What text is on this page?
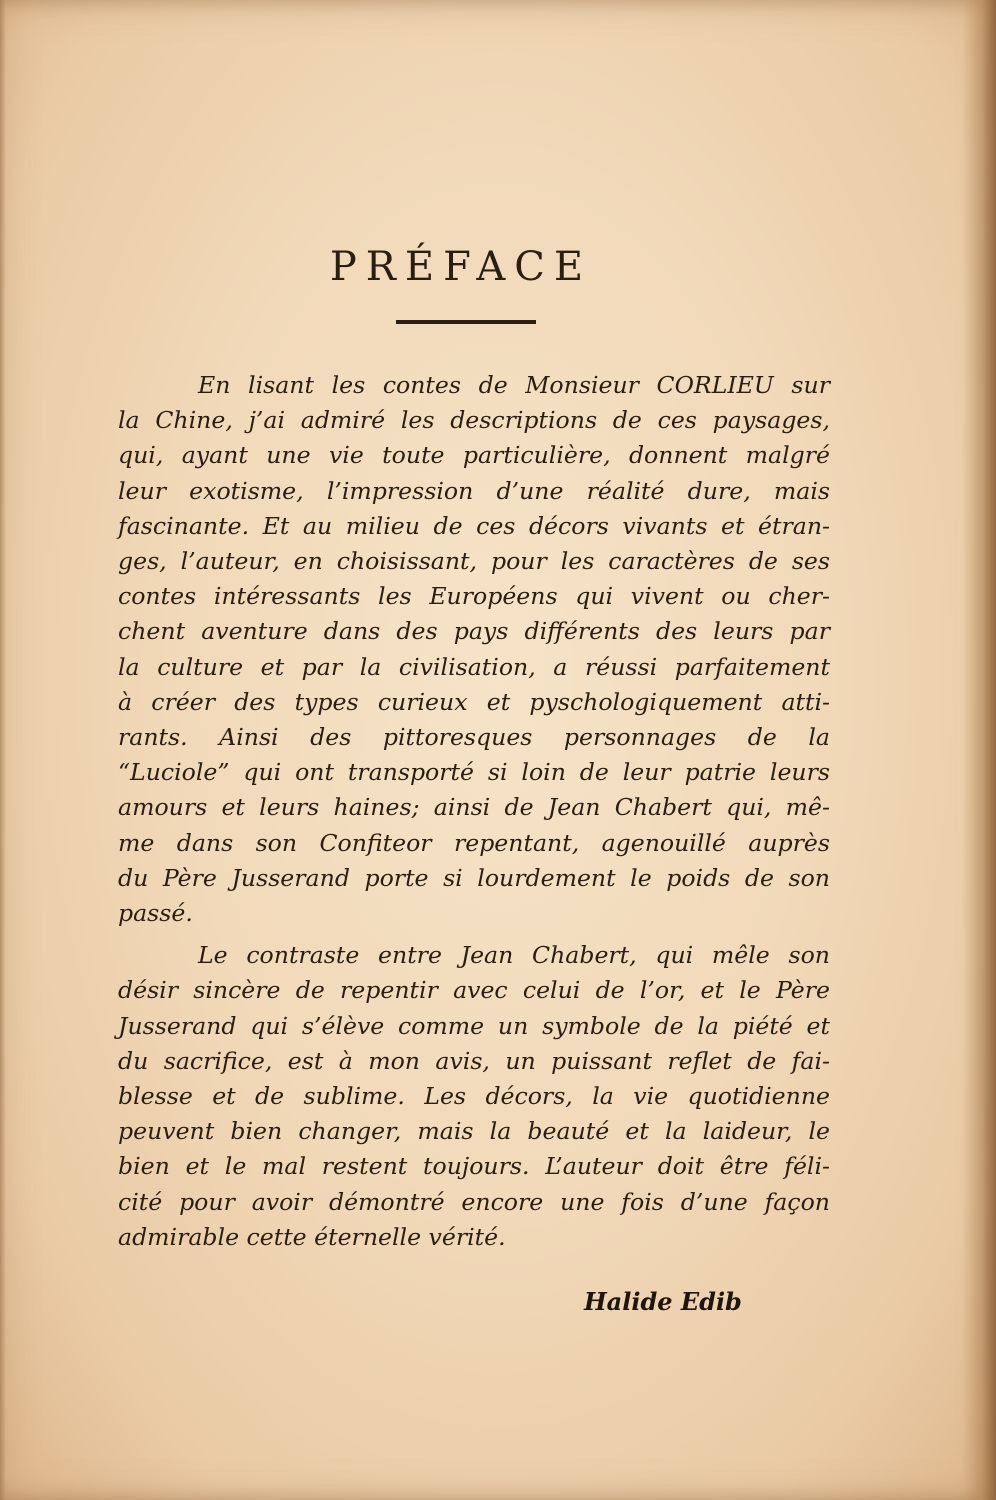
PRÉFACE
En lisant les contes de Monsieur CORLIEU sur
la Chine, j’ai admiré les descriptions de ces paysages,
qui, ayant une vie toute particulière, donnent malgré
leur exotisme, l’impression d’une réalité dure, mais
fascinante. Et au milieu de ces décors vivants et étran-
ges, l’auteur, en choisissant, pour les caractères de ses
contes intéressants les Européens qui vivent ou cher-
chent aventure dans des pays différents des leurs par
la culture et par la civilisation, a réussi parfaitement
à créer des types curieux et pyschologiquement atti-
rants. Ainsi des pittoresques personnages de la
“Luciole” qui ont transporté si loin de leur patrie leurs
amours et leurs haines; ainsi de Jean Chabert qui, mê-
me dans son Confiteor repentant, agenouillé auprès
du Père Jusserand porte si lourdement le poids de son
passé.
Le contraste entre Jean Chabert, qui mêle son
désir sincère de repentir avec celui de l’or, et le Père
Jusserand qui s’élève comme un symbole de la piété et
du sacrifice, est à mon avis, un puissant reflet de fai-
blesse et de sublime. Les décors, la vie quotidienne
peuvent bien changer, mais la beauté et la laideur, le
bien et le mal restent toujours. L’auteur doit être féli-
cité pour avoir démontré encore une fois d’une façon
admirable cette éternelle vérité.
Halide Edib
